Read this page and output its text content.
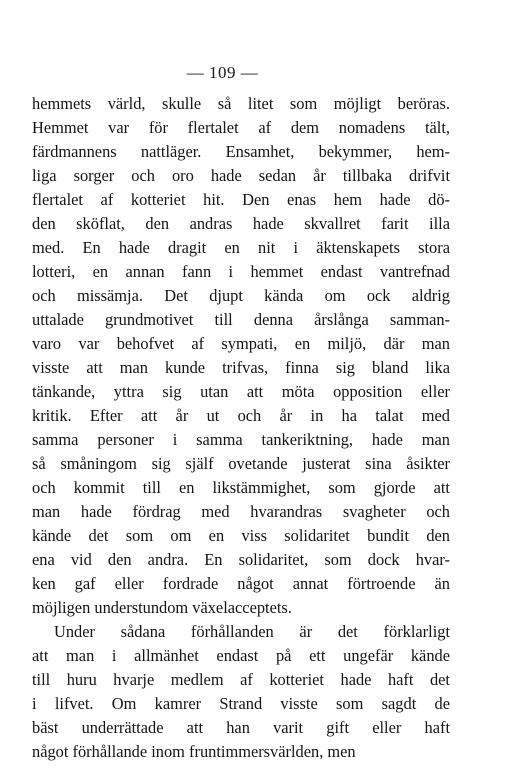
— 109 —
hemmets värld, skulle så litet som möjligt beröras.
Hemmet var för flertalet af dem nomadens tält,
färdmannens nattläger. Ensamhet, bekymmer, hem-
liga sorger och oro hade sedan år tillbaka drifvit
flertalet af kotteriet hit. Den enas hem hade dö-
den sköflat, den andras hade skvallret farit illa
med. En hade dragit en nit i äktenskapets stora
lotteri, en annan fann i hemmet endast vantrefnad
och missämja. Det djupt kända om ock aldrig
uttalade grundmotivet till denna årslånga samman-
varo var behofvet af sympati, en miljö, där man
visste att man kunde trifvas, finna sig bland lika
tänkande, yttra sig utan att möta opposition eller
kritik. Efter att år ut och år in ha talat med
samma personer i samma tankeriktning, hade man
så småningom sig själf ovetande justerat sina åsikter
och kommit till en likstämmighet, som gjorde att
man hade fördrag med hvarandras svagheter och
kände det som om en viss solidaritet bundit den
ena vid den andra. En solidaritet, som dock hvar-
ken gaf eller fordrade något annat förtroende än
möjligen understundom växelacceptets.
Under sådana förhållanden är det förklarligt
att man i allmänhet endast på ett ungefär kände
till huru hvarje medlem af kotteriet hade haft det
i lifvet. Om kamrer Strand visste som sagdt de
bäst underrättade att han varit gift eller haft
något förhållande inom fruntimmersvärlden, men
